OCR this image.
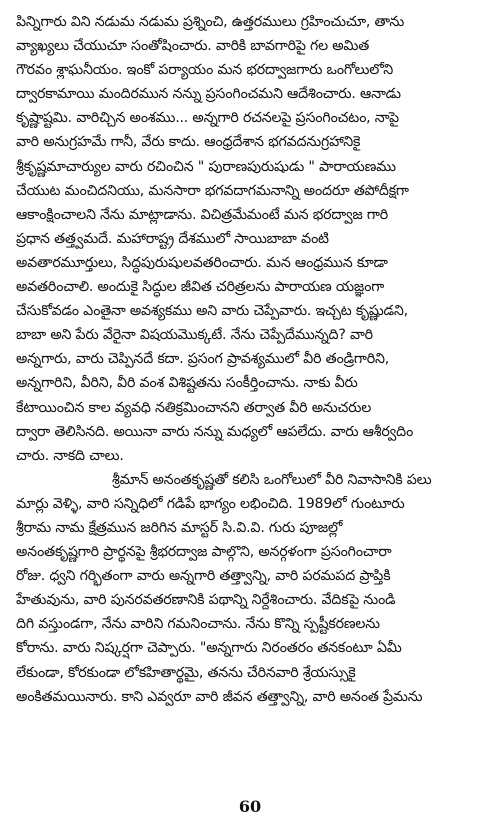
పిన్నిగారు విని నడుమ నడుమ ప్రశ్నించి, ఉత్తరములు గ్రహించుచూ, తాను
వ్యాఖ్యలు చేయుచూ సంతోషించారు. వారికి బావగారిపై గల అమిత
గౌరవం శ్లాఘనీయం. ఇంకో పర్యాయం మన భరద్వాజగారు ఒంగోలులోని
ద్వారకామాయి మందిరమున నన్ను ప్రసంగించమని ఆదేశించారు. ఆనాడు
కృష్ణాష్టమి. వారిచ్చిన అంశము... అన్నగారి రచనలపై ప్రసంగించటం, నాపై
వారి అనుగ్రహమే గానీ, వేరు కాదు. ఆంధ్రదేశాన భగవదనుగ్రహానికై
శ్రీకృష్ణమాచార్యుల వారు రచించిన " పురాణపురుషుడు " పారాయణము
చేయుట మంచిదనియు, మనసారా భగవదాగమనాన్ని అందరూ తపోదీక్షగా
ఆకాంక్షించాలని నేను మాట్లాడాను. విచిత్రమేమంటే మన భరద్వాజ గారి
ప్రధాన తత్త్వమదే. మహారాష్ట్ర దేశములో సాయిబాబా వంటి
అవతారమూర్తులు, సిద్ధపురుషులవతరించారు. మన ఆంధ్రమున కూడా
అవతరించాలి. అందుకై సిద్ధుల జీవిత చరిత్రలను పారాయణ యజ్ఞంగా
చేసుకోవడం ఎంతైనా అవశ్యకము అని వారు చెప్పేవారు. ఇచ్చట కృష్ణుడని,
బాబా అని పేరు వేరైనా విషయమొక్కటే. నేను చెప్పేదేమున్నది? వారి
అన్నగారు, వారు చెప్పినదే కదా. ప్రసంగ ప్రావశ్యములో వీరి తండ్రిగారిని,
అన్నగారిని, వీరిని, వీరి వంశ విశిష్టతను సంకీర్తించాను. నాకు వీరు
కేటాయించిన కాల వ్యవధి నతిక్రమించానని తర్వాత వీరి అనుచరుల
ద్వారా తెలిసినది. అయినా వారు నన్ను మధ్యలో ఆపలేదు. వారు ఆశీర్వదిం
చారు. నాకది చాలు.
శ్రీమాన్ అనంతకృష్ణతో కలిసి ఒంగోలులో వీరి నివాసానికి పలు
మార్లు వెళ్ళి, వారి సన్నిధిలో గడిపే భాగ్యం లభించిది. 1989లో గుంటూరు
శ్రీరామ నామ క్షేత్రమున జరిగిన మాస్టర్ సి.వి.వి. గురు పూజల్లో
అనంతకృష్ణగారి ప్రార్థనపై శ్రీభరద్వాజ పాల్గొని, అనర్గళంగా ప్రసంగించారా
రోజు. ధ్వని గర్భితంగా వారు అన్నగారి తత్త్వాన్ని, వారి పరమపద ప్రాప్తికి
హేతువును, వారి పునరవతరణానికి పథాన్ని నిర్దేశించారు. వేదికపై నుండి
దిగి వస్తుండగా, నేను వారిని గమనించాను. నేను కొన్ని స్పష్టీకరణలను
కోరాను. వారు నిష్కర్షగా చెప్పారు. "అన్నగారు నిరంతరం తనకంటూ ఏమీ
లేకుండా, కోరకుండా లోకహితార్థమై, తనను చేరినవారి శ్రేయస్సుకై
అంకితమయినారు. కాని ఎవ్వరూ వారి జీవన తత్త్వాన్ని, వారి అనంత ప్రేమను
60
